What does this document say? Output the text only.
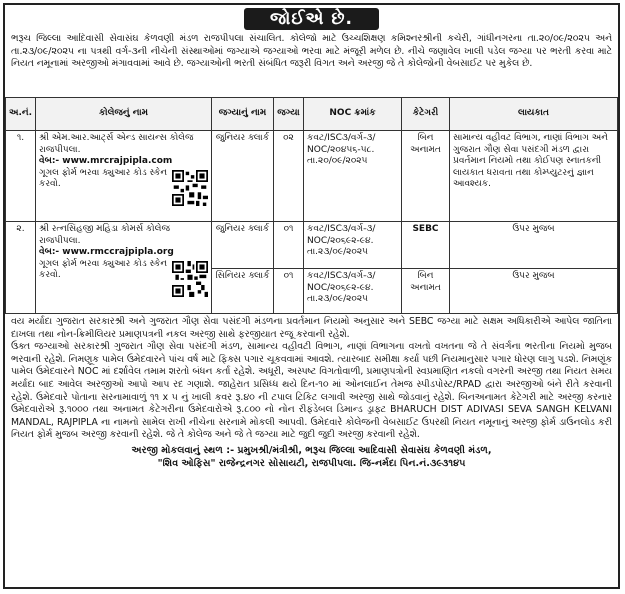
જોઈએ છે.
ભરૂચ જિલ્લા આદિવાસી સેવાસંઘ કેળવણી મંડળ રાજપીપલા સંચાલિત. કોલેજો માટે ઉચ્ચશિક્ષણ કમિશ્નરશ્રીની કચેરી, ગાંધીનગરના તા.૨૦/૦૯/૨૦૨૫ અને તા.૨૩/૦૯/૨૦૨૫ ના પત્રથી વર્ગ-૩ની નીચેની સંસ્થાઓમાં જગ્યાએ જગ્યાઓ ભરવા માટે મંજૂરી મળેલ છે. નીચે જણાવેલ ખાલી પડેલ જગ્યા પર ભરતી કરવા માટે નિયત નમૂનામાં અરજીઓ મંગાવવામાં આવે છે. જગ્યાઓની ભરતી સંબંધિત જરૂરી વિગત અને અરજી જે તે કોલેજોની વેબસાઈટ પર મુકેલ છે.
અ.નં.	કોલેજનું નામ	જગ્યાનું નામ	જગ્યા	NOC ક્રમાંક	કેટેગરી	લાયકાત
૧.	શ્રી એમ.આર.આર્ટ્સ એન્ડ સાયન્સ કોલેજ રાજપીપલા.
વેબ:- www.mrcrajpipla.com
ગૂગલ ફોર્મ ભરવા ક્યુઆર કોડ સ્કેન કરવો.	જુનિયર ક્લાર્ક	૦૨	કવટ/ISC૩/વર્ગ-૩/ NOC/૨૦૪૫૬-૫૮. તા.૨૦/૦૯/૨૦૨૫	બિન અનામત	સામાન્ય વહીવટ વિભાગ, નાણાં વિભાગ અને ગુજરાત ગૌણ સેવા પસંદગી મંડળ દ્વારા પ્રવર્તમાન નિયમો તથા કોઈપણ સ્નાતકની લાયકાત ધરાવતા તથા કોમ્પ્યુટરનું જ્ઞાન આવશ્યક.
૨.	શ્રી રત્નસિંહજી મહિડા કોમર્સ કોલેજ રાજપીપલા.
વેબ:- www.rmccrajpipla.org
ગૂગલ ફોર્મ ભરવા ક્યુઆર કોડ સ્કેન કરવો.	જુનિયર ક્લાર્ક	૦૧	કવટ/ISC૩/વર્ગ-૩/ NOC/૨૦૬૯૨-૯૪. તા.૨૩/૦૯/૨૦૨૫	SEBC	ઉપર મુજબ
		સિનિયર ક્લાર્ક	૦૧	કવટ/ISC૩/વર્ગ-૩/ NOC/૨૦૬૯૨-૯૪. તા.૨૩/૦૯/૨૦૨૫	બિન અનામત	ઉપર મુજબ

વય મર્યાદા ગુજરાત સરકારશ્રી અને ગુજરાત ગૌણ સેવા પસંદગી મંડળના પ્રવર્તમાન નિયમો અનુસાર અને SEBC જગ્યા માટે સક્ષમ અધિકારીએ આપેલ જાતિના દાખલા તથા નોન-ક્રિમીલિયર પ્રમાણપત્રની નકલ અરજી સાથે ફરજીયાત રજૂ કરવાની રહેશે.

ઉક્ત જગ્યાઓ સરકારશ્રી ગુજરાત ગૌણ સેવા પસંદગી મંડળ, સામાન્ય વહીવટી વિભાગ, નાણાં વિભાગના વખતો વખતના જે તે સંવર્ગના ભરતીના નિયમો મુજબ ભરવાની રહેશે. નિમણૂક પામેલ ઉમેદવારને પાંચ વર્ષ માટે ફિક્સ પગાર ચૂકવવામાં આવશે. ત્યારબાદ સમીક્ષા કર્યા પછી નિયમાનુસાર પગાર ધોરણ લાગુ પડશે. નિમણૂંક પામેલ ઉમેદવારને NOC માં દર્શાવેલ તમામ શરતો બંધન કર્તા રહેશે. અધૂરી, અસ્પષ્ટ વિગતોવાળી, પ્રમાણપત્રોની સ્વપ્રમાણિત નકલો વગરની અરજી તથા નિયત સમય મર્યાદા બાદ આવેલ અરજીઓ આપો આપ રદ ગણાશે. જાહેરાત પ્રસિધ્ધ થયે દિન-૧૦ માં ઓનલાઈન તેમજ સ્પીડપોસ્ટ/RPAD દ્વારા અરજીઓ બંને રીતે કરવાની રહેશે. ઉમેદવારે પોતાના સરનામાવાળું ૧૧ x ૫ નું ખાલી કવર રૂ.૪૦ ની ટપાલ ટિકિટ લગાવી અરજી સાથે જોડવાનું રહેશે. બિનઅનામત કેટેગરી માટે અરજી કરનાર ઉમેદવારોએ રૂ.૧૦૦૦ તથા અનામત કેટેગરીના ઉમેદવારોએ રૂ.૮૦૦ નો નોન રીફંડેબલ ડિમાન્ડ ડ્રાફ્ટ BHARUCH DIST ADIVASI SEVA SANGH KELVANI MANDAL, RAJPIPLA ના નામનો સામેલ રાખી નીચેના સરનામે મોકલી આપવી. ઉમેદવારે કોલેજની વેબસાઈટ ઉપરથી નિયત નમૂનાનું અરજી ફોર્મ ડાઉનલોડ કરી નિયત ફોર્મ મુજબ અરજી કરવાની રહેશે. જે તે કોલેજ અને જે તે જગ્યા માટે જુદી જુદી અરજી કરવાની રહેશે.

અરજી મોકલવાનું સ્થળ :- પ્રમુખશ્રી/મંત્રીશ્રી, ભરૂચ જિલ્લા આદિવાસી સેવાસંઘ કેળવણી મંડળ,
"શિવ ઓફિસ" રાજેન્દ્રનગર સોસાયટી, રાજપીપલા. જિ-નર્મદા પિન.નં.૩૯૩૧૪૫
